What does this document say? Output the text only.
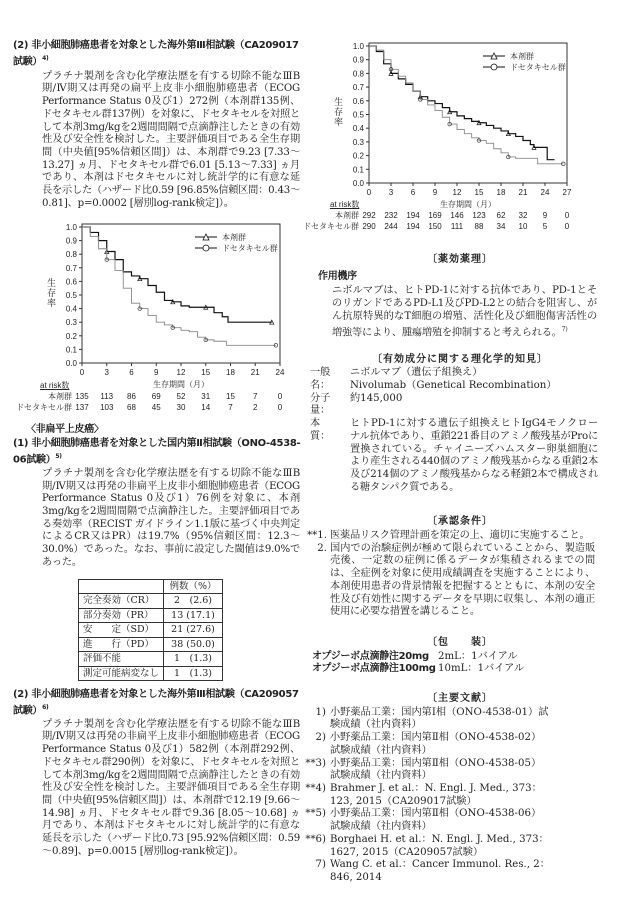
(2) 非小細胞肺癌患者を対象とした海外第Ⅲ相試験（CA209017試験）$^{4)}$
プラチナ製剤を含む化学療法歴を有する切除不能なⅢB期/Ⅳ期又は再発の扁平上皮非小細胞肺癌患者（ECOG Performance Status 0及び1）272例（本剤群135例、ドセタキセル群137例）を対象に、ドセタキセルを対照として本剤3mg/kgを2週間間隔で点滴静注したときの有効性及び安全性を検討した。主要評価項目である全生存期間（中央値[95%信頼区間]）は、本剤群で9.23 [7.33～13.27] ヵ月、ドセタキセル群で6.01 [5.13～7.33] ヵ月であり、本剤はドセタキセルに対し統計学的に有意な延長を示した（ハザード比0.59 [96.85%信頼区間：0.43～0.81]、p=0.0002 [層別log-rank検定]）。
0.0
0.1
0.2
0.3
0.4
0.5
0.6
0.7
0.8
0.9
1.0
0	3	6	9 12 15 18 21 24
生存期間（月）
本剤群
ドセタキセル群
生存率
at risk数
本剤群 135	113	86	69	52	31	15	7	0
ドセタキセル群 137	103	68	45	30	14	7	2	0
〈非扁平上皮癌〉
(1) 非小細胞肺癌患者を対象とした国内第Ⅱ相試験（ONO-4538-06試験）$^{5)}$
プラチナ製剤を含む化学療法歴を有する切除不能なⅢB期/Ⅳ期又は再発の非扁平上皮非小細胞肺癌患者（ECOG Performance Status 0及び1）76例を対象に、本剤3mg/kgを2週間間隔で点滴静注した。主要評価項目である奏効率（RECIST ガイドライン1.1版に基づく中央判定によるCR又はPR）は19.7%（95%信頼区間：12.3～30.0%）であった。なお、事前に設定した閾値は9.0%であった。
	例数（%）
完全奏効（CR）	2　(2.6)
部分奏効（PR）	13 (17.1)
安　　定（SD）	21 (27.6)
進　　行（PD）	38 (50.0)
評価不能	1　(1.3)
測定可能病変なし	1　(1.3)
(2) 非小細胞肺癌患者を対象とした海外第Ⅲ相試験（CA209057試験）$^{6)}$
プラチナ製剤を含む化学療法歴を有する切除不能なⅢB期/Ⅳ期又は再発の非扁平上皮非小細胞肺癌患者（ECOG Performance Status 0及び1）582例（本剤群292例、ドセタキセル群290例）を対象に、ドセタキセルを対照として本剤3mg/kgを2週間間隔で点滴静注したときの有効性及び安全性を検討した。主要評価項目である全生存期間（中央値[95%信頼区間]）は、本剤群で12.19 [9.66～14.98] ヵ月、ドセタキセル群で9.36 [8.05～10.68] ヵ月であり、本剤はドセタキセルに対し統計学的に有意な延長を示した（ハザード比0.73 [95.92%信頼区間：0.59～0.89]、p=0.0015 [層別log-rank検定]）。
0.0
0.1
0.2
0.3
0.4
0.5
0.6
0.7
0.8
0.9
1.0
0 3 6 9 12 15 18 21 24 27
生存期間（月）
本剤群
ドセタキセル群
生存率
at risk数
本剤群 292	232	194	169	146	123	62	32	9	0
ドセタキセル群 290	244	194	150	111	88	34	10	5	0
〔薬効薬理〕
作用機序
ニボルマブは、ヒトPD-1に対する抗体であり、PD-1とそのリガンドであるPD-L1及びPD-L2との結合を阻害し、がん抗原特異的なT細胞の増殖、活性化及び細胞傷害活性の増強等により、腫瘍増殖を抑制すると考えられる。$^{7)}$
〔有効成分に関する理化学的知見〕
一般名：
ニボルマブ（遺伝子組換え）
Nivolumab（Genetical Recombination）
分子量：
約145,000
本　質：
ヒトPD-1に対する遺伝子組換えヒトIgG4モノクローナル抗体であり、重鎖221番目のアミノ酸残基がProに置換されている。チャイニーズハムスター卵巣細胞により産生される440個のアミノ酸残基からなる重鎖2本及び214個のアミノ酸残基からなる軽鎖2本で構成される糖タンパク質である。
〔承認条件〕
**1. 医薬品リスク管理計画を策定の上、適切に実施すること。
2. 国内での治験症例が極めて限られていることから、製造販売後、一定数の症例に係るデータが集積されるまでの間は、全症例を対象に使用成績調査を実施することにより、本剤使用患者の背景情報を把握するとともに、本剤の安全性及び有効性に関するデータを早期に収集し、本剤の適正使用に必要な措置を講じること。
〔包　　装〕
オプジーボ点滴静注20mg 2mL：1バイアル
オプジーボ点滴静注100mg 10mL：1バイアル
〔主要文献〕
1) 小野薬品工業：国内第Ⅰ相（ONO-4538-01）試験成績（社内資料）
2) 小野薬品工業：国内第Ⅱ相（ONO-4538-02）試験成績（社内資料）
**3) 小野薬品工業：国内第Ⅱ相（ONO-4538-05）試験成績（社内資料）
**4) Brahmer J. et al.：N. Engl. J. Med., 373：123, 2015（CA209017試験）
**5) 小野薬品工業：国内第Ⅱ相（ONO-4538-06）試験成績（社内資料）
**6) Borghaei H. et al.：N. Engl. J. Med., 373：1627, 2015（CA209057試験）
7) Wang C. et al.：Cancer Immunol. Res., 2：846, 2014
